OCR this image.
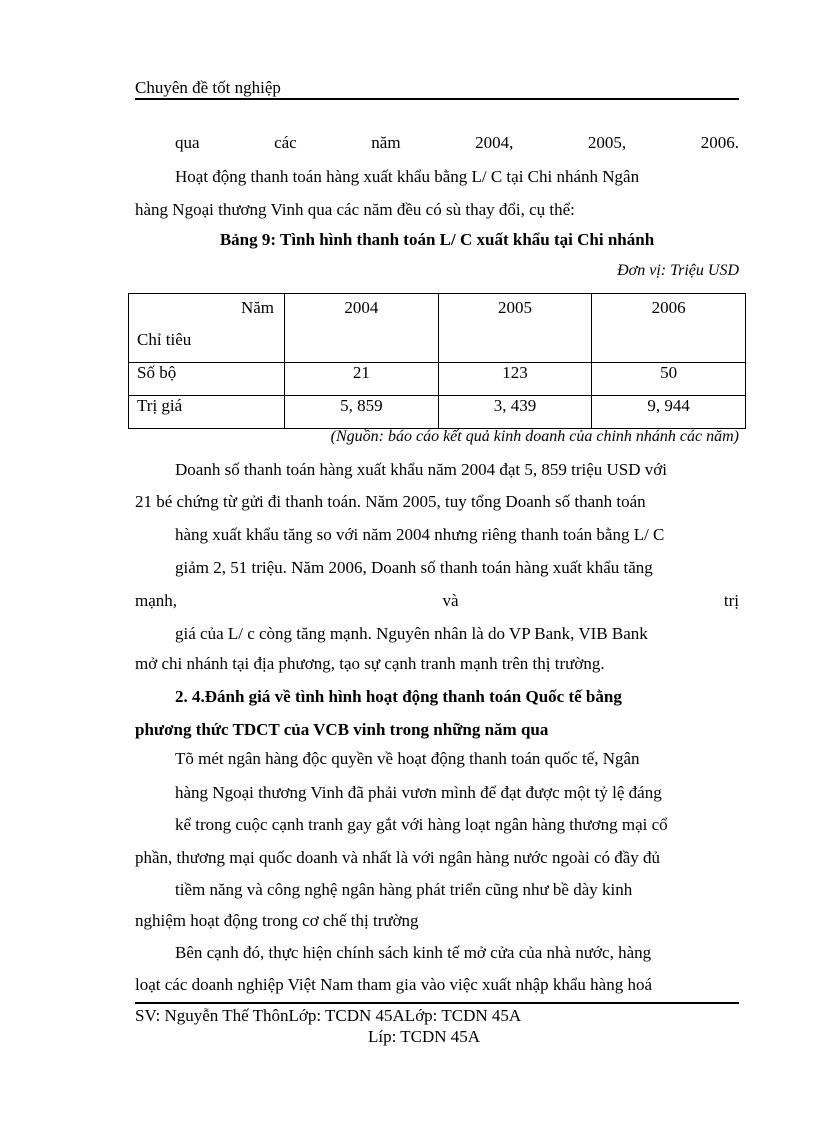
Chuyên đề tốt nghiệp
qua	các	năm	2004,	2005,	2006.
Hoạt động thanh toán hàng xuất khẩu bằng L/ C tại Chi nhánh Ngân
hàng Ngoại thương Vinh qua các năm đều có sù thay đổi, cụ thể:
Bảng 9: Tình hình thanh toán L/ C xuất khẩu tại Chi nhánh
Đơn vị: Triệu USD
Năm
Chỉ tiêu	2004	2005	2006
Số bộ	21	123	50
Trị giá	5, 859	3, 439	9, 944
(Nguồn: báo cáo kết quả kinh doanh của chinh nhánh các năm)
Doanh số thanh toán hàng xuất khẩu năm 2004 đạt 5, 859 triệu USD với
21 bé chứng từ gửi đi thanh toán. Năm 2005, tuy tổng Doanh số thanh toán
hàng xuất khẩu tăng so với năm 2004 nhưng riêng thanh toán bằng L/ C
giảm 2, 51 triệu. Năm 2006, Doanh số thanh toán hàng xuất khẩu tăng
mạnh,	và	trị
giá của L/ c còng tăng mạnh. Nguyên nhân là do VP Bank, VIB Bank
mở chi nhánh tại địa phương, tạo sự cạnh tranh mạnh trên thị trường.
2. 4.Đánh giá về tình hình hoạt động thanh toán Quốc tế bằng
phương thức TDCT của VCB vinh trong những năm qua
Tõ mét ngân hàng độc quyền về hoạt động thanh toán quốc tế, Ngân
hàng Ngoại thương Vinh đã phải vươn mình để đạt được một tỷ lệ đáng
kể trong cuộc cạnh tranh gay gắt với hàng loạt ngân hàng thương mại cổ
phần, thương mại quốc doanh và nhất là với ngân hàng nước ngoài có đầy đủ
tiềm năng và công nghệ ngân hàng phát triển cũng như bề dày kinh
nghiệm hoạt động trong cơ chế thị trường
Bên cạnh đó, thực hiện chính sách kinh tế mở cửa của nhà nước, hàng
loạt các doanh nghiệp Việt Nam tham gia vào việc xuất nhập khẩu hàng hoá
SV: Nguyễn Thế ThônLớp: TCDN 45ALớp: TCDN 45A
Líp: TCDN 45A
